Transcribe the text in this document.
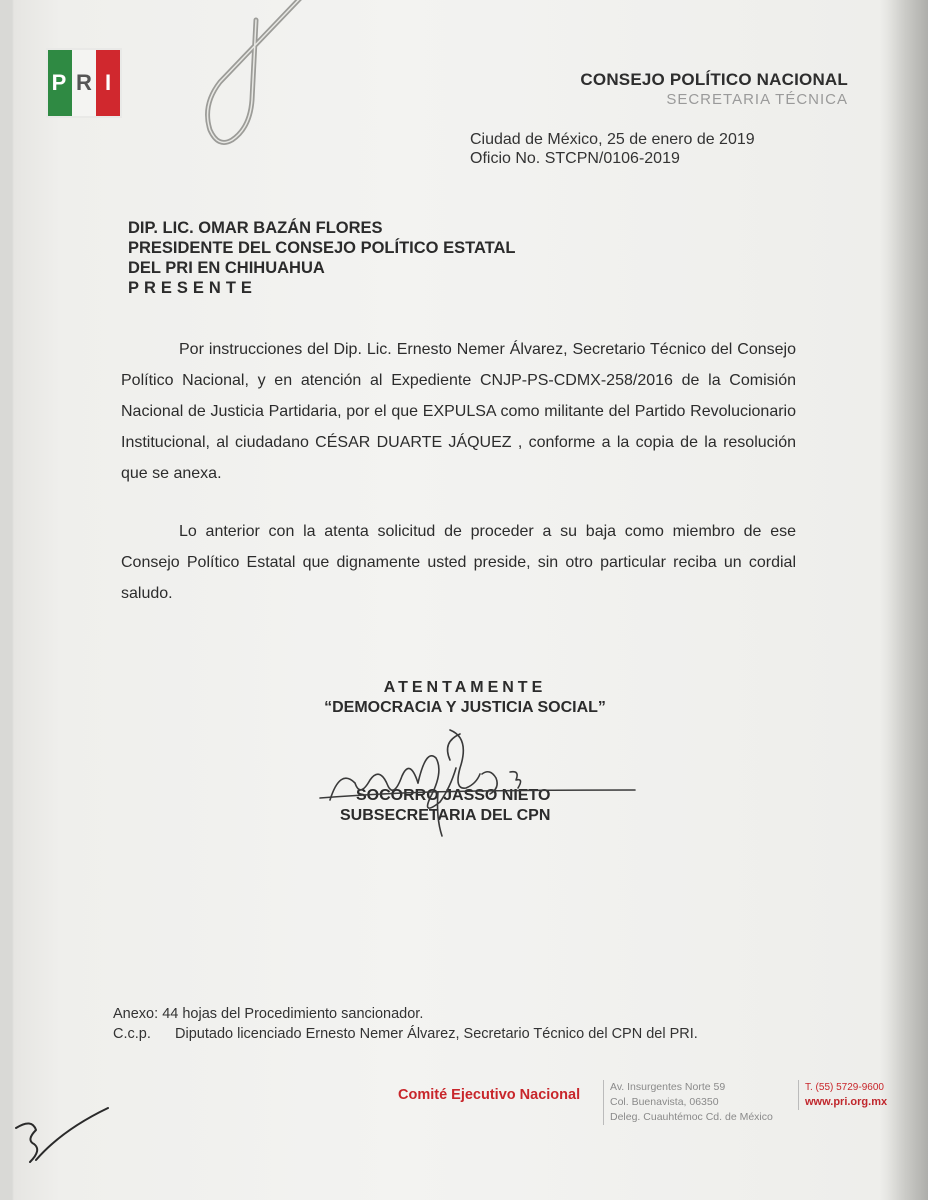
P R I	CONSEJO POLÍTICO NACIONAL
SECRETARIA TÉCNICA
Ciudad de México, 25 de enero de 2019
Oficio No. STCPN/0106-2019
DIP. LIC. OMAR BAZÁN FLORES
PRESIDENTE DEL CONSEJO POLÍTICO ESTATAL
DEL PRI EN CHIHUAHUA
PRESENTE

Por instrucciones del Dip. Lic. Ernesto Nemer Álvarez, Secretario Técnico del Consejo Político Nacional, y en atención al Expediente CNJP-PS-CDMX-258/2016 de la Comisión Nacional de Justicia Partidaria, por el que EXPULSA como militante del Partido Revolucionario Institucional, al ciudadano CÉSAR DUARTE JÁQUEZ , conforme a la copia de la resolución que se anexa.

Lo anterior con la atenta solicitud de proceder a su baja como miembro de ese Consejo Político Estatal que dignamente usted preside, sin otro particular reciba un cordial saludo.

ATENTAMENTE
“DEMOCRACIA Y JUSTICIA SOCIAL”
SOCORRO JASSO NIETO
SUBSECRETARIA DEL CPN
Anexo: 44 hojas del Procedimiento sancionador.
C.c.p. Diputado licenciado Ernesto Nemer Álvarez, Secretario Técnico del CPN del PRI.
Comité Ejecutivo Nacional	Av. Insurgentes Norte 59
Col. Buenavista, 06350
Deleg. Cuauhtémoc Cd. de México
T. (55) 5729-9600
www.pri.org.mx
